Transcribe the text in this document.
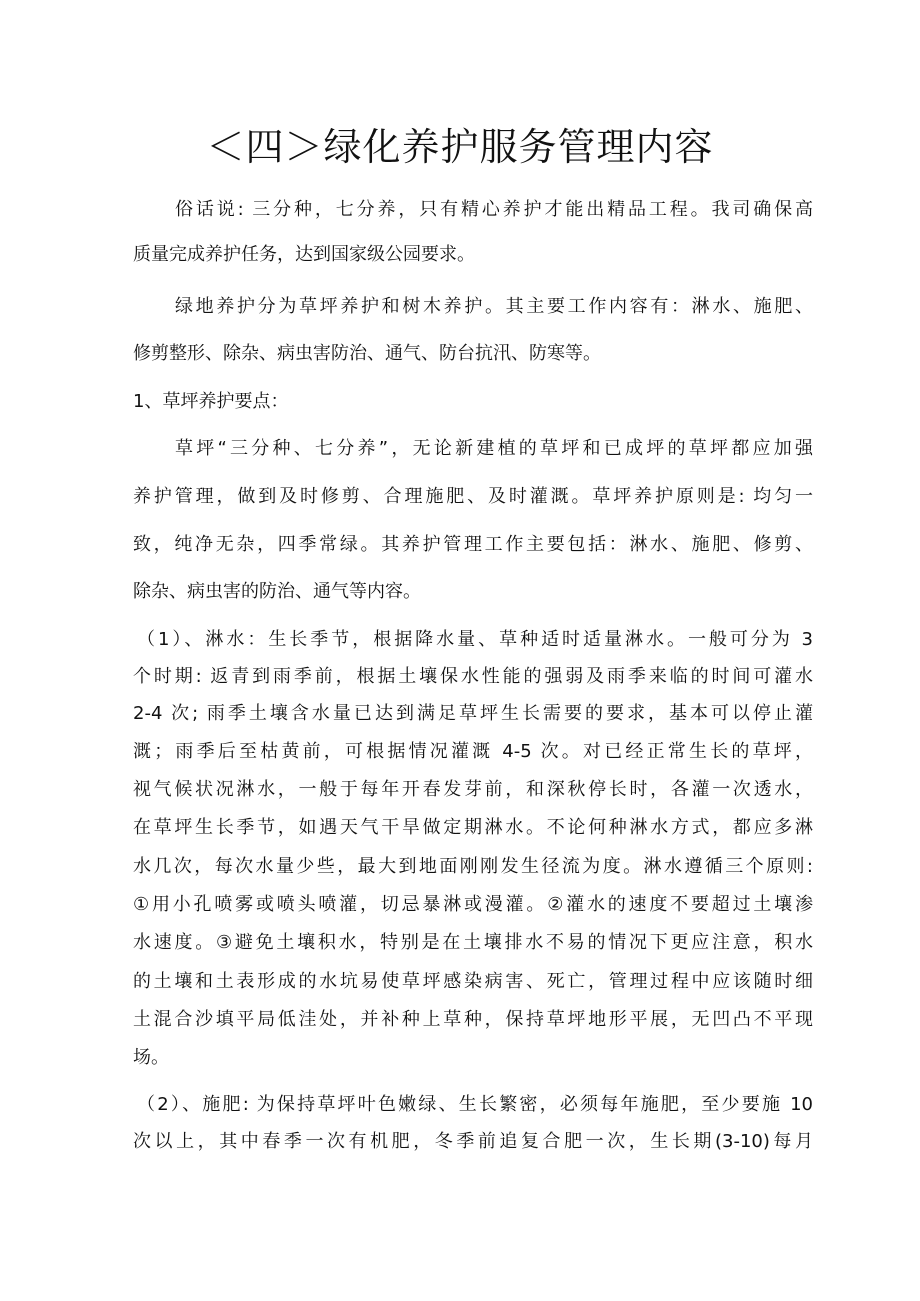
＜四＞绿化养护服务管理内容

俗话说: 三分种，七分养，只有精心养护才能出精品工程。我司确保高

质量完成养护任务，达到国家级公园要求。

绿地养护分为草坪养护和树木养护。其主要工作内容有：淋水、施肥、

修剪整形、除杂、病虫害防治、通气、防台抗汛、防寒等。

1、草坪养护要点：

草坪“三分种、七分养”，无论新建植的草坪和已成坪的草坪都应加强

养护管理，做到及时修剪、合理施肥、及时灌溉。草坪养护原则是: 均匀一

致，纯净无杂，四季常绿。其养护管理工作主要包括：淋水、施肥、修剪、

除杂、病虫害的防治、通气等内容。

（1）、淋水：生长季节，根据降水量、草种适时适量淋水。一般可分为 3

个时期: 返青到雨季前，根据土壤保水性能的强弱及雨季来临的时间可灌水

2-4 次; 雨季土壤含水量已达到满足草坪生长需要的要求，基本可以停止灌

溉；雨季后至枯黄前，可根据情况灌溉 4-5 次。对已经正常生长的草坪，

视气候状况淋水，一般于每年开春发芽前，和深秋停长时，各灌一次透水，

在草坪生长季节，如遇天气干旱做定期淋水。不论何种淋水方式，都应多淋

水几次，每次水量少些，最大到地面刚刚发生径流为度。淋水遵循三个原则:

①用小孔喷雾或喷头喷灌，切忌暴淋或漫灌。②灌水的速度不要超过土壤渗

水速度。③避免土壤积水，特别是在土壤排水不易的情况下更应注意，积水

的土壤和土表形成的水坑易使草坪感染病害、死亡，管理过程中应该随时细

土混合沙填平局低洼处，并补种上草种，保持草坪地形平展，无凹凸不平现

场。

（2）、施肥: 为保持草坪叶色嫩绿、生长繁密，必须每年施肥，至少要施 10

次以上，其中春季一次有机肥，冬季前追复合肥一次，生长期(3-10)每月
